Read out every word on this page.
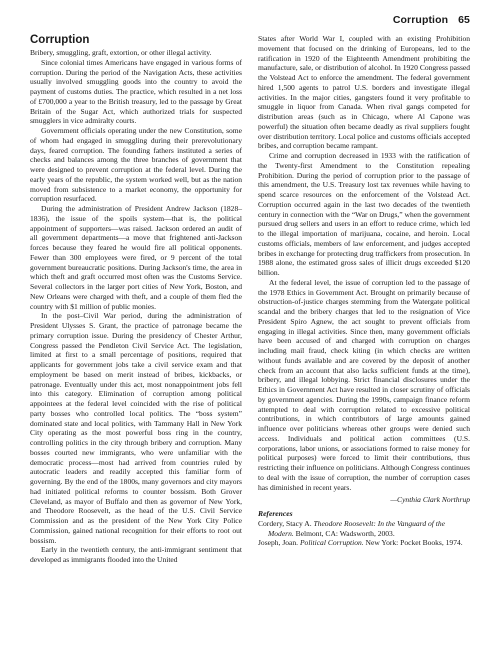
Corruption 65
Corruption

Bribery, smuggling, graft, extortion, or other illegal activity.

Since colonial times Americans have engaged in various forms of corruption. During the period of the Navigation Acts, these activities usually involved smuggling goods into the country to avoid the payment of customs duties. The practice, which resulted in a net loss of £700,000 a year to the British treasury, led to the passage by Great Britain of the Sugar Act, which authorized trials for suspected smugglers in vice admiralty courts.

Government officials operating under the new Constitution, some of whom had engaged in smuggling during their prerevolutionary days, feared corruption. The founding fathers instituted a series of checks and balances among the three branches of government that were designed to prevent corruption at the federal level. During the early years of the republic, the system worked well, but as the nation moved from subsistence to a market economy, the opportunity for corruption resurfaced.

During the administration of President Andrew Jackson (1828–1836), the issue of the spoils system—that is, the political appointment of supporters—was raised. Jackson ordered an audit of all government departments—a move that frightened anti-Jackson forces because they feared he would fire all political opponents. Fewer than 300 employees were fired, or 9 percent of the total government bureaucratic positions. During Jackson's time, the area in which theft and graft occurred most often was the Customs Service. Several collectors in the larger port cities of New York, Boston, and New Orleans were charged with theft, and a couple of them fled the country with $1 million of public monies.

In the post–Civil War period, during the administration of President Ulysses S. Grant, the practice of patronage became the primary corruption issue. During the presidency of Chester Arthur, Congress passed the Pendleton Civil Service Act. The legislation, limited at first to a small percentage of positions, required that applicants for government jobs take a civil service exam and that employment be based on merit instead of bribes, kickbacks, or patronage. Eventually under this act, most nonappointment jobs fell into this category. Elimination of corruption among political appointees at the federal level coincided with the rise of political party bosses who controlled local politics. The “boss system” dominated state and local politics, with Tammany Hall in New York City operating as the most powerful boss ring in the country, controlling politics in the city through bribery and corruption. Many bosses courted new immigrants, who were unfamiliar with the democratic process—most had arrived from countries ruled by autocratic leaders and readily accepted this familiar form of governing. By the end of the 1800s, many governors and city mayors had initiated political reforms to counter bossism. Both Grover Cleveland, as mayor of Buffalo and then as governor of New York, and Theodore Roosevelt, as the head of the U.S. Civil Service Commission and as the president of the New York City Police Commission, gained national recognition for their efforts to root out bossism.

Early in the twentieth century, the anti-immigrant sentiment that developed as immigrants flooded into the United

States after World War I, coupled with an existing Prohibition movement that focused on the drinking of Europeans, led to the ratification in 1920 of the Eighteenth Amendment prohibiting the manufacture, sale, or distribution of alcohol. In 1920 Congress passed the Volstead Act to enforce the amendment. The federal government hired 1,500 agents to patrol U.S. borders and investigate illegal activities. In the major cities, gangsters found it very profitable to smuggle in liquor from Canada. When rival gangs competed for distribution areas (such as in Chicago, where Al Capone was powerful) the situation often became deadly as rival suppliers fought over distribution territory. Local police and customs officials accepted bribes, and corruption became rampant.

Crime and corruption decreased in 1933 with the ratification of the Twenty-first Amendment to the Constitution repealing Prohibition. During the period of corruption prior to the passage of this amendment, the U.S. Treasury lost tax revenues while having to spend scarce resources on the enforcement of the Volstead Act. Corruption occurred again in the last two decades of the twentieth century in connection with the “War on Drugs,” when the government pursued drug sellers and users in an effort to reduce crime, which led to the illegal importation of marijuana, cocaine, and heroin. Local customs officials, members of law enforcement, and judges accepted bribes in exchange for protecting drug traffickers from prosecution. In 1988 alone, the estimated gross sales of illicit drugs exceeded $120 billion.

At the federal level, the issue of corruption led to the passage of the 1978 Ethics in Government Act. Brought on primarily because of obstruction-of-justice charges stemming from the Watergate political scandal and the bribery charges that led to the resignation of Vice President Spiro Agnew, the act sought to prevent officials from engaging in illegal activities. Since then, many government officials have been accused of and charged with corruption on charges including mail fraud, check kiting (in which checks are written without funds available and are covered by the deposit of another check from an account that also lacks sufficient funds at the time), bribery, and illegal lobbying. Strict financial disclosures under the Ethics in Government Act have resulted in closer scrutiny of officials by government agencies. During the 1990s, campaign finance reform attempted to deal with corruption related to excessive political contributions, in which contributors of large amounts gained influence over politicians whereas other groups were denied such access. Individuals and political action committees (U.S. corporations, labor unions, or associations formed to raise money for political purposes) were forced to limit their contributions, thus restricting their influence on politicians. Although Congress continues to deal with the issue of corruption, the number of corruption cases has diminished in recent years.

—Cynthia Clark Northrup
References

Cordery, Stacy A. Theodore Roosevelt: In the Vanguard of the Modern. Belmont, CA: Wadsworth, 2003.

Joseph, Joan. Political Corruption. New York: Pocket Books, 1974.
